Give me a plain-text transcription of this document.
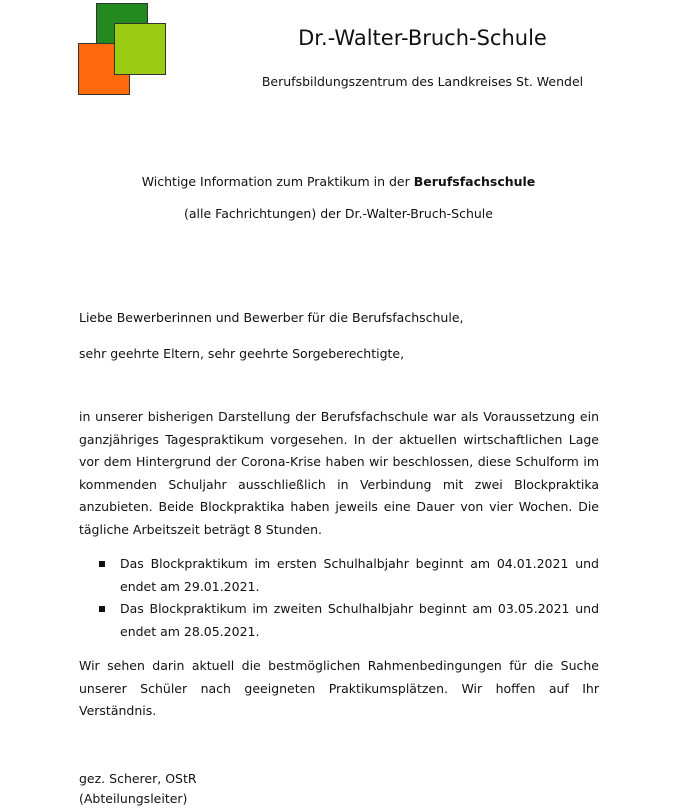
Dr.-Walter-Bruch-Schule
Berufsbildungszentrum des Landkreises St. Wendel
Wichtige Information zum Praktikum in der Berufsfachschule
(alle Fachrichtungen) der Dr.-Walter-Bruch-Schule
Liebe Bewerberinnen und Bewerber für die Berufsfachschule,
sehr geehrte Eltern, sehr geehrte Sorgeberechtigte,
in unserer bisherigen Darstellung der Berufsfachschule war als Voraussetzung ein ganzjähriges Tagespraktikum vorgesehen. In der aktuellen wirtschaftlichen Lage vor dem Hintergrund der Corona-Krise haben wir beschlossen, diese Schulform im kommenden Schuljahr ausschließlich in Verbindung mit zwei Blockpraktika anzubieten. Beide Blockpraktika haben jeweils eine Dauer von vier Wochen. Die tägliche Arbeitszeit beträgt 8 Stunden.
Das Blockpraktikum im ersten Schulhalbjahr beginnt am 04.01.2021 und endet am 29.01.2021.
Das Blockpraktikum im zweiten Schulhalbjahr beginnt am 03.05.2021 und endet am 28.05.2021.
Wir sehen darin aktuell die bestmöglichen Rahmenbedingungen für die Suche unserer Schüler nach geeigneten Praktikumsplätzen. Wir hoffen auf Ihr Verständnis.
gez. Scherer, OStR
(Abteilungsleiter)
